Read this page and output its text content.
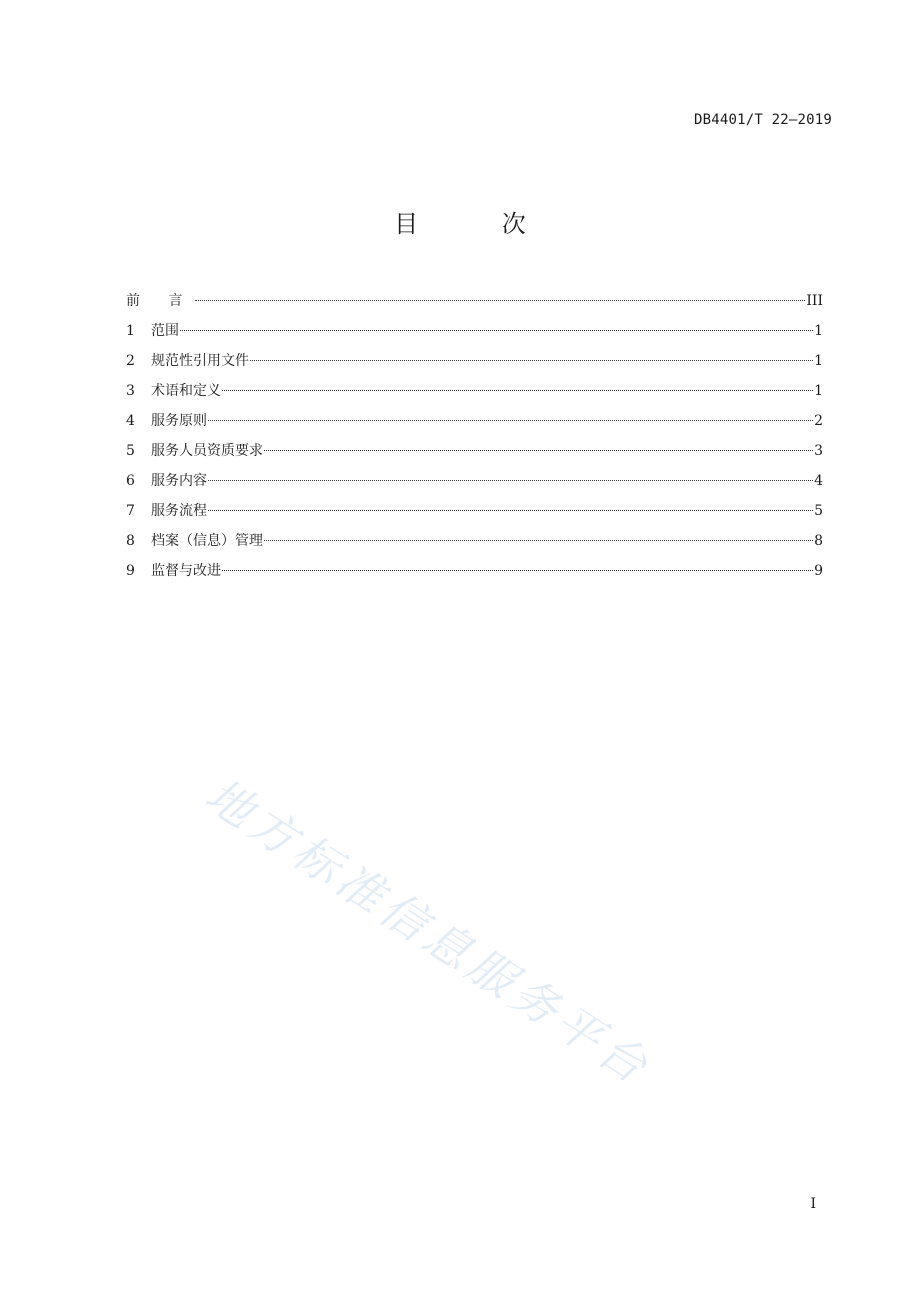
DB4401/T 22—2019
目 次
前 言	III
1	范围	1
2	规范性引用文件	1
3	术语和定义	1
4	服务原则	2
5	服务人员资质要求	3
6	服务内容	4
7	服务流程	5
8	档案（信息）管理	8
9	监督与改进	9
地方标准信息服务平台
I
